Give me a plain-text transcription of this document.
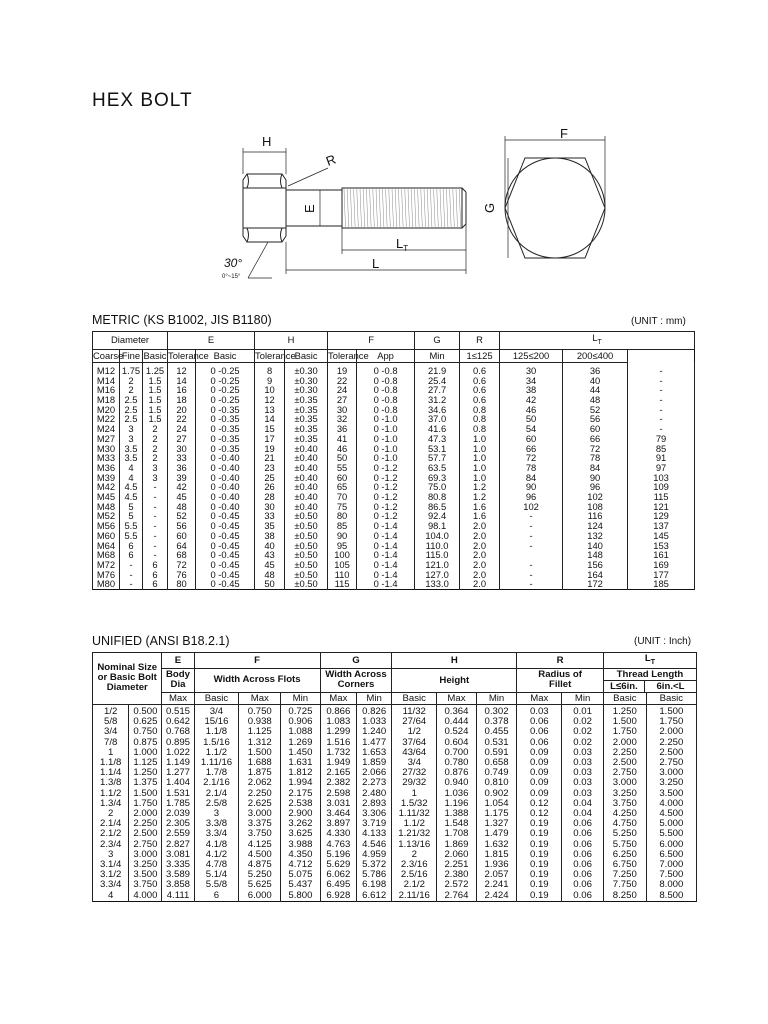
HEX BOLT
H
R
E
$L_T$
L
30°
0°~15°
F
G
METRIC (KS B1002, JIS B1180)	(UNIT : mm)
Diameter			E		H		F		G	R	$L_T$
Coarse	Fine	Basic	Tolerance	Basic	Tolerance	Basic	Tolerance	App	Min	1≤125	125≤200	200≤400	
M12	1.75	1.25	12	0 -0.25	8	±0.30	19	0 -0.8	21.9	0.6	30	36	-
M14	2	1.5	14	0 -0.25	9	±0.30	22	0 -0.8	25.4	0.6	34	40	-
M16	2	1.5	16	0 -0.25	10	±0.30	24	0 -0.8	27.7	0.6	38	44	-
M18	2.5	1.5	18	0 -0.25	12	±0.35	27	0 -0.8	31.2	0.6	42	48	-
M20	2.5	1.5	20	0 -0.35	13	±0.35	30	0 -0.8	34.6	0.8	46	52	-
M22	2.5	1.5	22	0 -0.35	14	±0.35	32	0 -1.0	37.0	0.8	50	56	-
M24	3	2	24	0 -0.35	15	±0.35	36	0 -1.0	41.6	0.8	54	60	-
M27	3	2	27	0 -0.35	17	±0.35	41	0 -1.0	47.3	1.0	60	66	79
M30	3.5	2	30	0 -0.35	19	±0.40	46	0 -1.0	53.1	1.0	66	72	85
M33	3.5	2	33	0 -0.40	21	±0.40	50	0 -1.0	57.7	1.0	72	78	91
M36	4	3	36	0 -0.40	23	±0.40	55	0 -1.2	63.5	1.0	78	84	97
M39	4	3	39	0 -0.40	25	±0.40	60	0 -1.2	69.3	1.0	84	90	103
M42	4.5	-	42	0 -0.40	26	±0.40	65	0 -1.2	75.0	1.2	90	96	109
M45	4.5	-	45	0 -0.40	28	±0.40	70	0 -1.2	80.8	1.2	96	102	115
M48	5	-	48	0 -0.40	30	±0.40	75	0 -1.2	86.5	1.6	102	108	121
M52	5	-	52	0 -0.45	33	±0.50	80	0 -1.2	92.4	1.6	-	116	129
M56	5.5	-	56	0 -0.45	35	±0.50	85	0 -1.4	98.1	2.0	-	124	137
M60	5.5	-	60	0 -0.45	38	±0.50	90	0 -1.4	104.0	2.0	-	132	145
M64	6	-	64	0 -0.45	40	±0.50	95	0 -1.4	110.0	2.0	-	140	153
M68	6	-	68	0 -0.45	43	±0.50	100	0 -1.4	115.0	2.0		148	161
M72	-	6	72	0 -0.45	45	±0.50	105	0 -1.4	121.0	2.0	-	156	169
M76	-	6	76	0 -0.45	48	±0.50	110	0 -1.4	127.0	2.0	-	164	177
M80	-	6	80	0 -0.45	50	±0.50	115	0 -1.4	133.0	2.0	-	172	185
UNIFIED (ANSI B18.2.1)	(UNIT : Inch)
Nominal Size or Basic Bolt Diameter		E	F			G		H			R		$L_T$
		Body Dia	Width Across Flots			Width Across Corners		Height			Radius of Fillet		Thread Length
L≤6in. 6in.<L	

		Max	Basic	Max	Min	Max	Min	Basic	Max	Min	Max	Min	Basic	Basic
1/2	0.500	0.515	3/4	0.750	0.725	0.866	0.826	11/32	0.364	0.302	0.03	0.01	1.250	1.500
5/8	0.625	0.642	15/16	0.938	0.906	1.083	1.033	27/64	0.444	0.378	0.06	0.02	1.500	1.750
3/4	0.750	0.768	1.1/8	1.125	1.088	1.299	1.240	1/2	0.524	0.455	0.06	0.02	1.750	2.000
7/8	0.875	0.895	1.5/16	1.312	1.269	1.516	1.477	37/64	0.604	0.531	0.06	0.02	2.000	2.250
1	1.000	1.022	1.1/2	1.500	1.450	1.732	1.653	43/64	0.700	0.591	0.09	0.03	2.250	2.500
1.1/8	1.125	1.149	1.11/16	1.688	1.631	1.949	1.859	3/4	0.780	0.658	0.09	0.03	2.500	2.750
1.1/4	1.250	1.277	1.7/8	1.875	1.812	2.165	2.066	27/32	0.876	0.749	0.09	0.03	2.750	3.000
1.3/8	1.375	1.404	2.1/16	2.062	1.994	2.382	2.273	29/32	0.940	0.810	0.09	0.03	3.000	3.250
1.1/2	1.500	1.531	2.1/4	2.250	2.175	2.598	2.480	1	1.036	0.902	0.09	0.03	3.250	3.500
1.3/4	1.750	1.785	2.5/8	2.625	2.538	3.031	2.893	1.5/32	1.196	1.054	0.12	0.04	3.750	4.000
2	2.000	2.039	3	3.000	2.900	3.464	3.306	1.11/32	1.388	1.175	0.12	0.04	4.250	4.500
2.1/4	2.250	2.305	3.3/8	3.375	3.262	3.897	3.719	1.1/2	1.548	1.327	0.19	0.06	4.750	5.000
2.1/2	2.500	2.559	3.3/4	3.750	3.625	4.330	4.133	1.21/32	1.708	1.479	0.19	0.06	5.250	5.500
2.3/4	2.750	2.827	4.1/8	4.125	3.988	4.763	4.546	1.13/16	1.869	1.632	0.19	0.06	5.750	6.000
3	3.000	3.081	4.1/2	4.500	4.350	5.196	4.959	2	2.060	1.815	0.19	0.06	6.250	6.500
3.1/4	3.250	3.335	4.7/8	4.875	4.712	5.629	5.372	2.3/16	2.251	1.936	0.19	0.06	6.750	7.000
3.1/2	3.500	3.589	5.1/4	5.250	5.075	6.062	5.786	2.5/16	2.380	2.057	0.19	0.06	7.250	7.500
3.3/4	3.750	3.858	5.5/8	5.625	5.437	6.495	6.198	2.1/2	2.572	2.241	0.19	0.06	7.750	8.000
4	4.000	4.111	6	6.000	5.800	6.928	6.612	2.11/16	2.764	2.424	0.19	0.06	8.250	8.500
